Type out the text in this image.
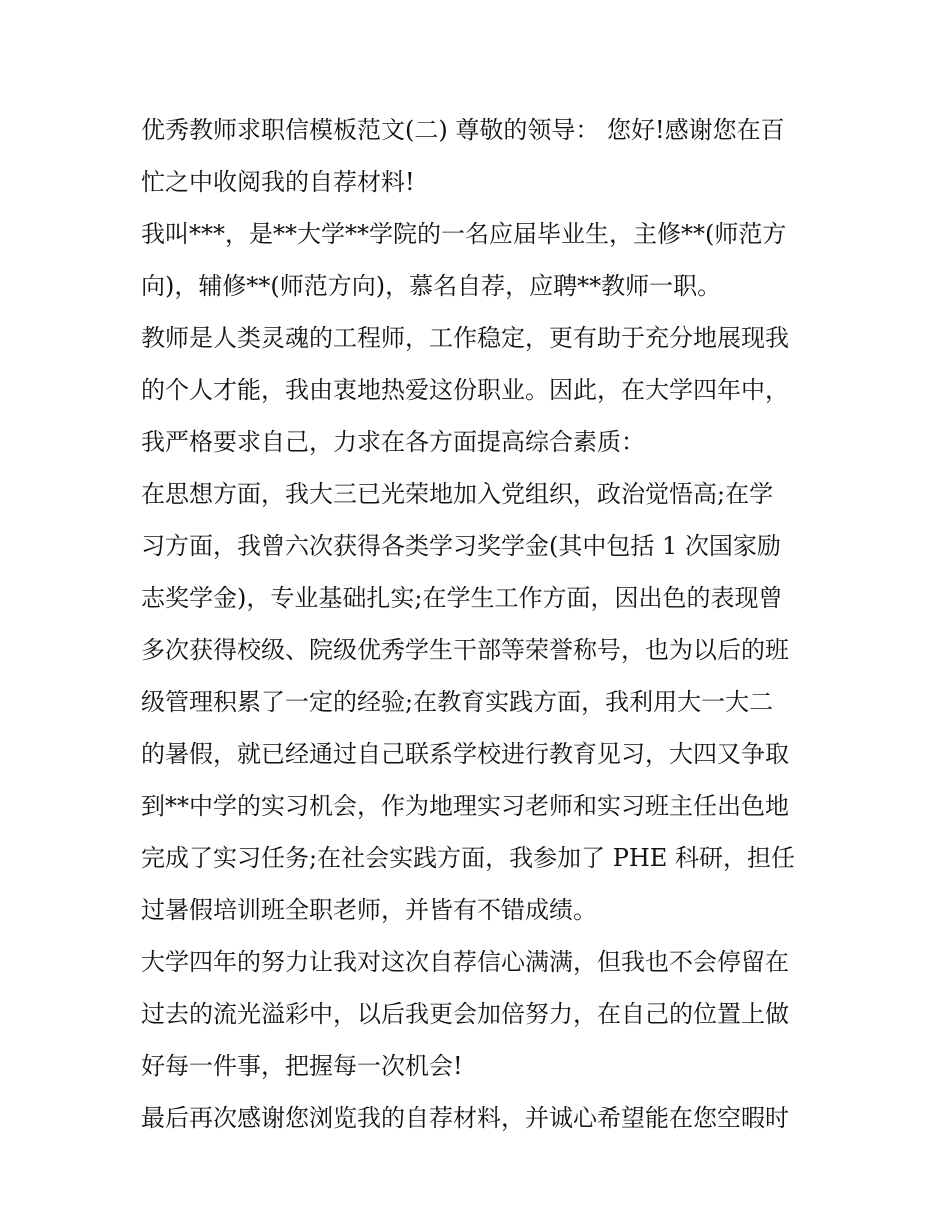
优秀教师求职信模板范文(二) 尊敬的领导： 您好!感谢您在百

忙之中收阅我的自荐材料!

我叫***，是**大学**学院的一名应届毕业生，主修**(师范方

向)，辅修**(师范方向)，慕名自荐，应聘**教师一职。

教师是人类灵魂的工程师，工作稳定，更有助于充分地展现我

的个人才能，我由衷地热爱这份职业。因此，在大学四年中，

我严格要求自己，力求在各方面提高综合素质：

在思想方面，我大三已光荣地加入党组织，政治觉悟高;在学

习方面，我曾六次获得各类学习奖学金(其中包括 1 次国家励

志奖学金)，专业基础扎实;在学生工作方面，因出色的表现曾

多次获得校级、院级优秀学生干部等荣誉称号，也为以后的班

级管理积累了一定的经验;在教育实践方面，我利用大一大二

的暑假，就已经通过自己联系学校进行教育见习，大四又争取

到**中学的实习机会，作为地理实习老师和实习班主任出色地

完成了实习任务;在社会实践方面，我参加了 PHE 科研，担任

过暑假培训班全职老师，并皆有不错成绩。

大学四年的努力让我对这次自荐信心满满，但我也不会停留在

过去的流光溢彩中，以后我更会加倍努力，在自己的位置上做

好每一件事，把握每一次机会!

最后再次感谢您浏览我的自荐材料，并诚心希望能在您空暇时
